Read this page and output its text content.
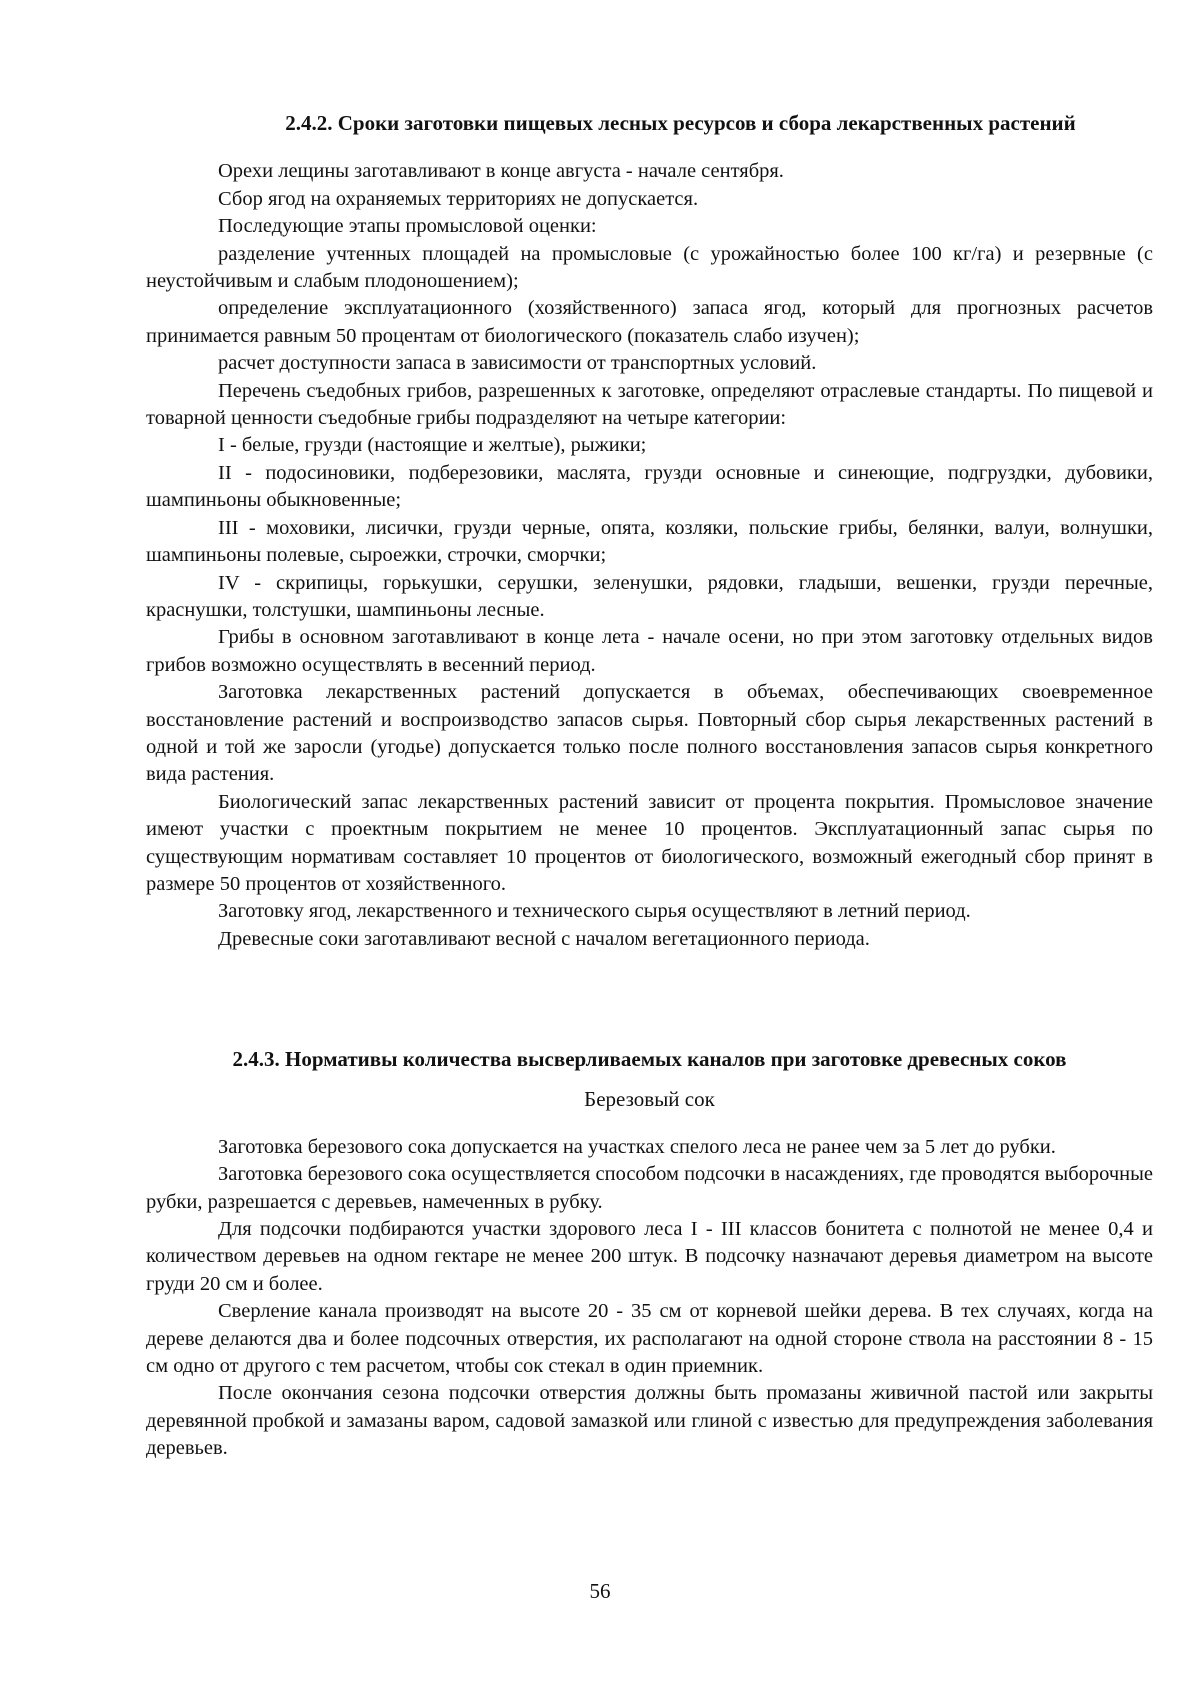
2.4.2. Сроки заготовки пищевых лесных ресурсов и сбора лекарственных растений

Орехи лещины заготавливают в конце августа - начале сентября.

Сбор ягод на охраняемых территориях не допускается.

Последующие этапы промысловой оценки:

разделение учтенных площадей на промысловые (с урожайностью более 100 кг/га) и резервные (с неустойчивым и слабым плодоношением);

определение эксплуатационного (хозяйственного) запаса ягод, который для прогнозных расчетов принимается равным 50 процентам от биологического (показатель слабо изучен);

расчет доступности запаса в зависимости от транспортных условий.

Перечень съедобных грибов, разрешенных к заготовке, определяют отраслевые стандарты. По пищевой и товарной ценности съедобные грибы подразделяют на четыре категории:

I - белые, грузди (настоящие и желтые), рыжики;

II - подосиновики, подберезовики, маслята, грузди основные и синеющие, подгруздки, дубовики, шампиньоны обыкновенные;

III - моховики, лисички, грузди черные, опята, козляки, польские грибы, белянки, валуи, волнушки, шампиньоны полевые, сыроежки, строчки, сморчки;

IV - скрипицы, горькушки, серушки, зеленушки, рядовки, гладыши, вешенки, грузди перечные, краснушки, толстушки, шампиньоны лесные.

Грибы в основном заготавливают в конце лета - начале осени, но при этом заготовку отдельных видов грибов возможно осуществлять в весенний период.

Заготовка лекарственных растений допускается в объемах, обеспечивающих своевременное восстановление растений и воспроизводство запасов сырья. Повторный сбор сырья лекарственных растений в одной и той же заросли (угодье) допускается только после полного восстановления запасов сырья конкретного вида растения.

Биологический запас лекарственных растений зависит от процента покрытия. Промысловое значение имеют участки с проектным покрытием не менее 10 процентов. Эксплуатационный запас сырья по существующим нормативам составляет 10 процентов от биологического, возможный ежегодный сбор принят в размере 50 процентов от хозяйственного.

Заготовку ягод, лекарственного и технического сырья осуществляют в летний период.

Древесные соки заготавливают весной с началом вегетационного периода.

2.4.3. Нормативы количества высверливаемых каналов при заготовке древесных соков
Березовый сок

Заготовка березового сока допускается на участках спелого леса не ранее чем за 5 лет до рубки.

Заготовка березового сока осуществляется способом подсочки в насаждениях, где проводятся выборочные рубки, разрешается с деревьев, намеченных в рубку.

Для подсочки подбираются участки здорового леса I - III классов бонитета с полнотой не менее 0,4 и количеством деревьев на одном гектаре не менее 200 штук. В подсочку назначают деревья диаметром на высоте груди 20 см и более.

Сверление канала производят на высоте 20 - 35 см от корневой шейки дерева. В тех случаях, когда на дереве делаются два и более подсочных отверстия, их располагают на одной стороне ствола на расстоянии 8 - 15 см одно от другого с тем расчетом, чтобы сок стекал в один приемник.

После окончания сезона подсочки отверстия должны быть промазаны живичной пастой или закрыты деревянной пробкой и замазаны варом, садовой замазкой или глиной с известью для предупреждения заболевания деревьев.

56
